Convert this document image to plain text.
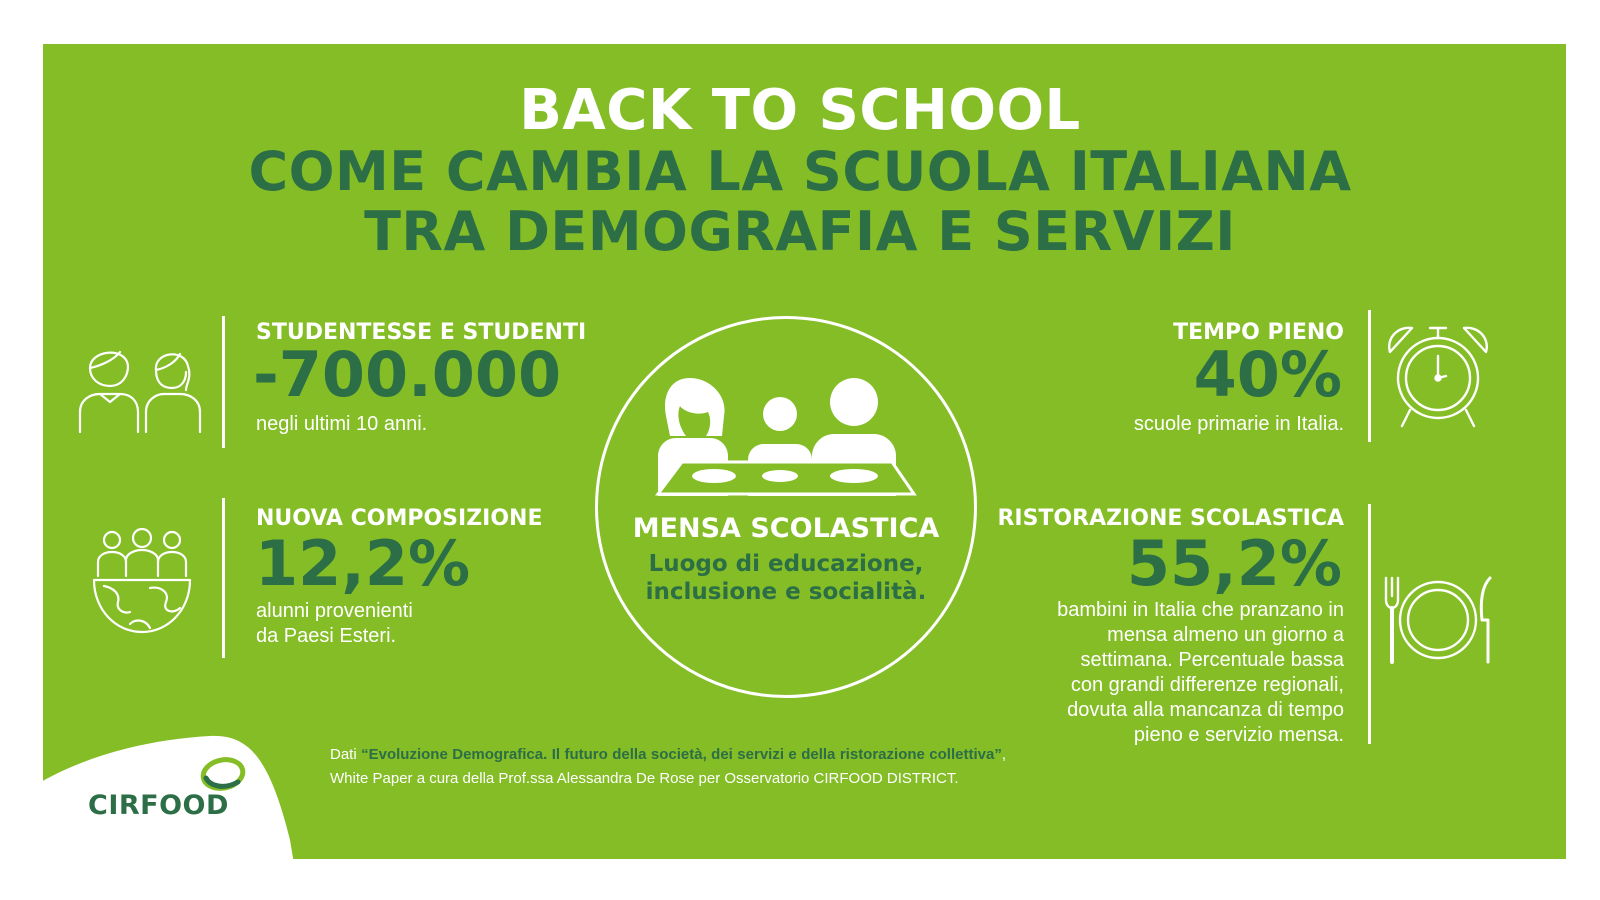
BACK TO SCHOOL
COME CAMBIA LA SCUOLA ITALIANA
TRA DEMOGRAFIA E SERVIZI
STUDENTESSE E STUDENTI
-700.000
negli ultimi 10 anni.
NUOVA COMPOSIZIONE
12,2%
alunni provenienti
da Paesi Esteri.
MENSA SCOLASTICA
Luogo di educazione,
inclusione e socialità.
TEMPO PIENO
40%
scuole primarie in Italia.
RISTORAZIONE SCOLASTICA
55,2%
bambini in Italia che pranzano in
mensa almeno un giorno a
settimana. Percentuale bassa
con grandi differenze regionali,
dovuta alla mancanza di tempo
pieno e servizio mensa.
Dati “Evoluzione Demografica. Il futuro della società, dei servizi e della ristorazione collettiva”, White Paper a cura della Prof.ssa Alessandra De Rose per Osservatorio CIRFOOD DISTRICT.
CIRFOOD
